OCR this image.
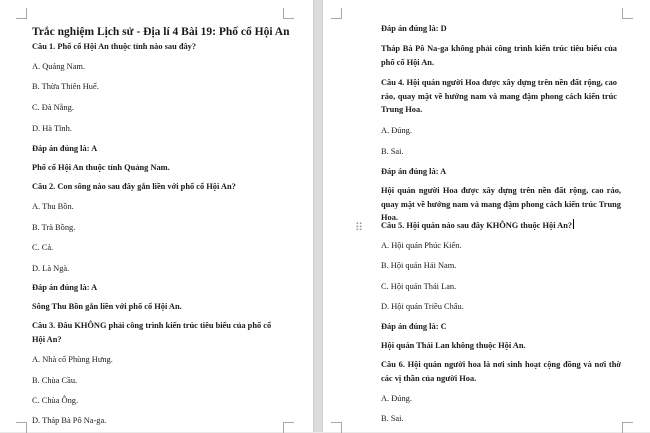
Trắc nghiệm Lịch sử - Địa lí 4 Bài 19: Phố cổ Hội An
Câu 1. Phố cổ Hội An thuộc tỉnh nào sau đây?
A. Quảng Nam.
B. Thừa Thiên Huế.
C. Đà Nẵng.
D. Hà Tĩnh.
Đáp án đúng là: A
Phố cổ Hội An thuộc tỉnh Quảng Nam.
Câu 2. Con sông nào sau đây gắn liền với phố cổ Hội An?
A. Thu Bồn.
B. Trà Bồng.
C. Cả.
D. Là Ngà.
Đáp án đúng là: A
Sông Thu Bồn gắn liền với phố cổ Hội An.
Câu 3. Đâu KHÔNG phải công trình kiến trúc tiêu biểu của phố cổ
Hội An?
A. Nhà cổ Phùng Hưng.
B. Chùa Cầu.
C. Chùa Ông.
D. Tháp Bà Pô Na-ga.
Đáp án đúng là: D
Tháp Bà Pô Na-ga không phải công trình kiến trúc tiêu biểu của phố cổ Hội An.
Câu 4. Hội quán người Hoa được xây dựng trên nền đất rộng, cao ráo, quay mặt về hướng nam và mang đậm phong cách kiến trúc Trung Hoa.
A. Đúng.
B. Sai.
Đáp án đúng là: A
Hội quán người Hoa được xây dựng trên nền đất rộng, cao ráo, quay mặt về hướng nam và mang đậm phong cách kiến trúc Trung Hoa.
Câu 5. Hội quán nào sau đây KHÔNG thuộc Hội An?
A. Hội quán Phúc Kiến.
B. Hội quán Hải Nam.
C. Hội quán Thái Lan.
D. Hội quán Triều Châu.
Đáp án đúng là: C
Hội quán Thái Lan không thuộc Hội An.
Câu 6. Hội quán người hoa là nơi sinh hoạt cộng đồng và nơi thờ các vị thần của người Hoa.
A. Đúng.
B. Sai.
⠿
